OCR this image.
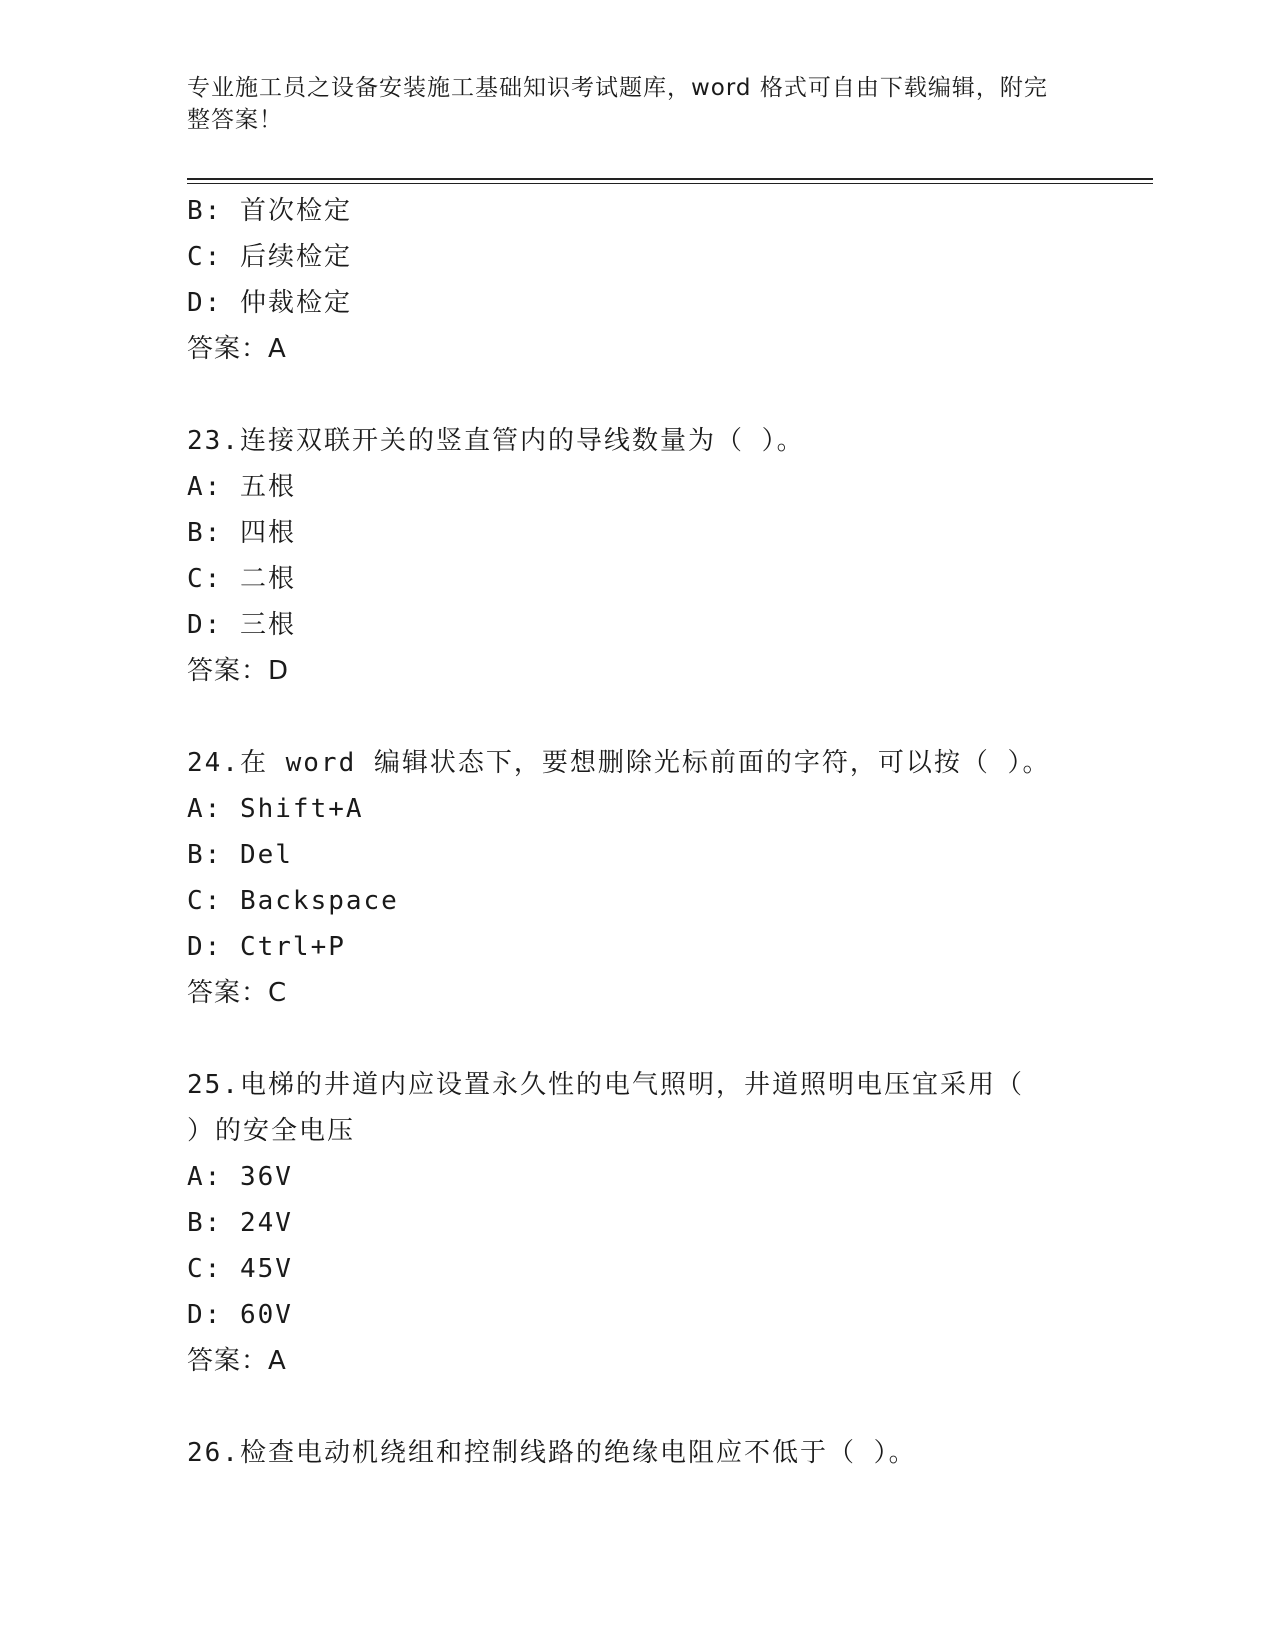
专业施工员之设备安装施工基础知识考试题库，word 格式可自由下载编辑，附完
整答案！
B: 首次检定
C: 后续检定
D: 仲裁检定
答案：A
23.连接双联开关的竖直管内的导线数量为（ ）。
A: 五根
B: 四根
C: 二根
D: 三根
答案：D
24.在 word 编辑状态下，要想删除光标前面的字符，可以按（ ）。
A: Shift+A
B: Del
C: Backspace
D: Ctrl+P
答案：C
25.电梯的井道内应设置永久性的电气照明，井道照明电压宜采用（
）的安全电压
A: 36V
B: 24V
C: 45V
D: 60V
答案：A
26.检查电动机绕组和控制线路的绝缘电阻应不低于（ ）。
